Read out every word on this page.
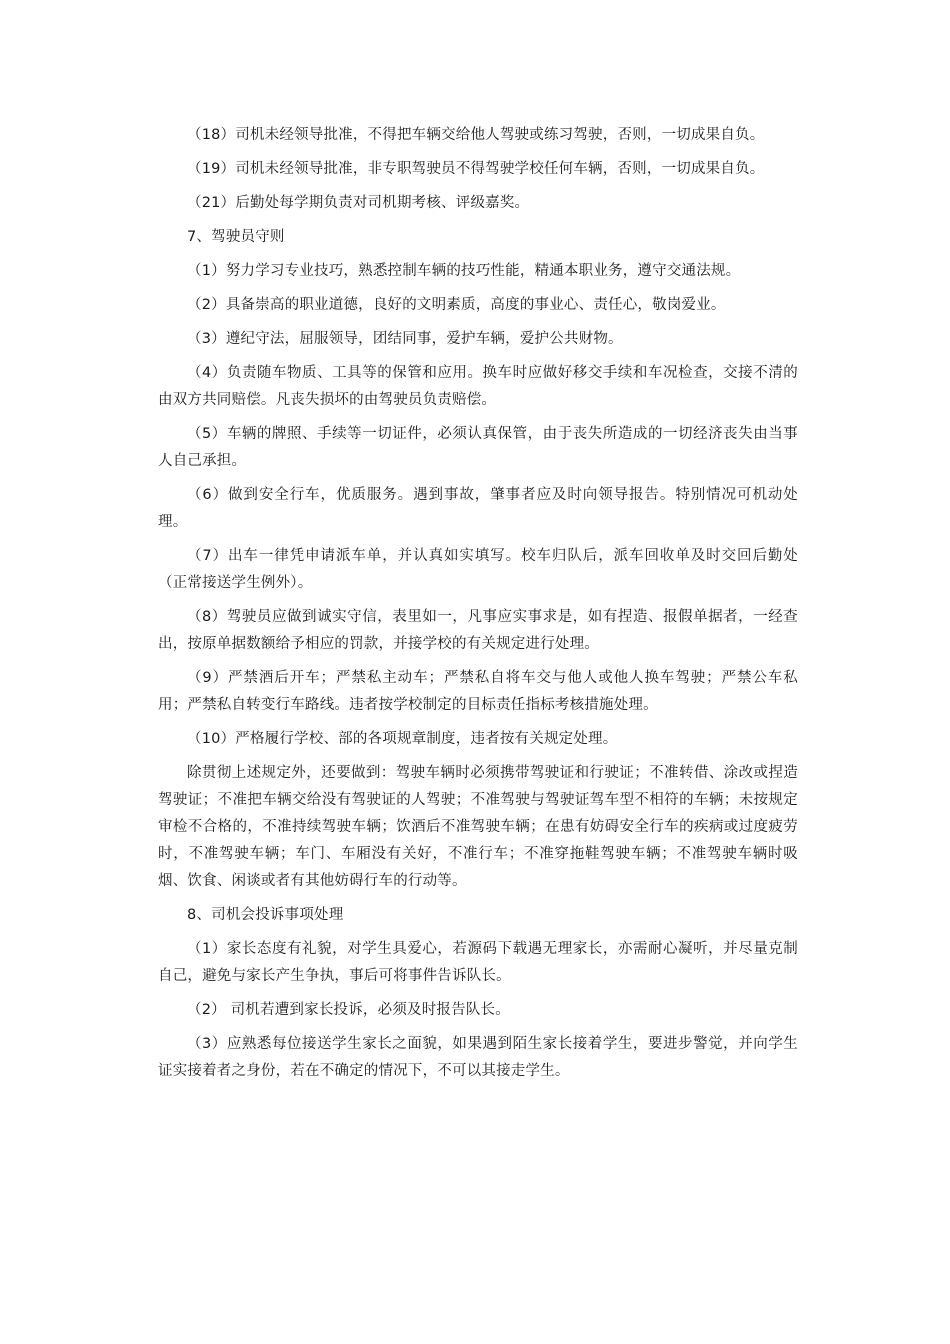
（18）司机未经领导批准，不得把车辆交给他人驾驶或练习驾驶，否则，一切成果自负。

（19）司机未经领导批准，非专职驾驶员不得驾驶学校任何车辆，否则，一切成果自负。

（21）后勤处每学期负责对司机期考核、评级嘉奖。

7、驾驶员守则

（1）努力学习专业技巧，熟悉控制车辆的技巧性能，精通本职业务，遵守交通法规。

（2）具备崇高的职业道德，良好的文明素质，高度的事业心、责任心，敬岗爱业。

（3）遵纪守法，屈服领导，团结同事，爱护车辆，爱护公共财物。

（4）负责随车物质、工具等的保管和应用。换车时应做好移交手续和车况检查，交接不清的由双方共同赔偿。凡丧失损坏的由驾驶员负责赔偿。

（5）车辆的牌照、手续等一切证件，必须认真保管，由于丧失所造成的一切经济丧失由当事人自己承担。

（6）做到安全行车，优质服务。遇到事故，肇事者应及时向领导报告。特别情况可机动处理。

（7）出车一律凭申请派车单，并认真如实填写。校车归队后，派车回收单及时交回后勤处（正常接送学生例外）。

（8）驾驶员应做到诚实守信，表里如一，凡事应实事求是，如有捏造、报假单据者，一经查出，按原单据数额给予相应的罚款，并接学校的有关规定进行处理。

（9）严禁酒后开车；严禁私主动车；严禁私自将车交与他人或他人换车驾驶；严禁公车私用；严禁私自转变行车路线。违者按学校制定的目标责任指标考核措施处理。

（10）严格履行学校、部的各项规章制度，违者按有关规定处理。

除贯彻上述规定外，还要做到：驾驶车辆时必须携带驾驶证和行驶证；不准转借、涂改或捏造驾驶证；不准把车辆交给没有驾驶证的人驾驶；不准驾驶与驾驶证驾车型不相符的车辆；未按规定审检不合格的，不准持续驾驶车辆；饮酒后不准驾驶车辆；在患有妨碍安全行车的疾病或过度疲劳时，不准驾驶车辆；车门、车厢没有关好，不准行车；不准穿拖鞋驾驶车辆；不准驾驶车辆时吸烟、饮食、闲谈或者有其他妨碍行车的行动等。

8、司机会投诉事项处理

（1）家长态度有礼貌，对学生具爱心，若源码下载遇无理家长，亦需耐心凝听，并尽量克制自己，避免与家长产生争执，事后可将事件告诉队长。

（2） 司机若遭到家长投诉，必须及时报告队长。

（3）应熟悉每位接送学生家长之面貌，如果遇到陌生家长接着学生，要进步警觉，并向学生证实接着者之身份，若在不确定的情况下，不可以其接走学生。
